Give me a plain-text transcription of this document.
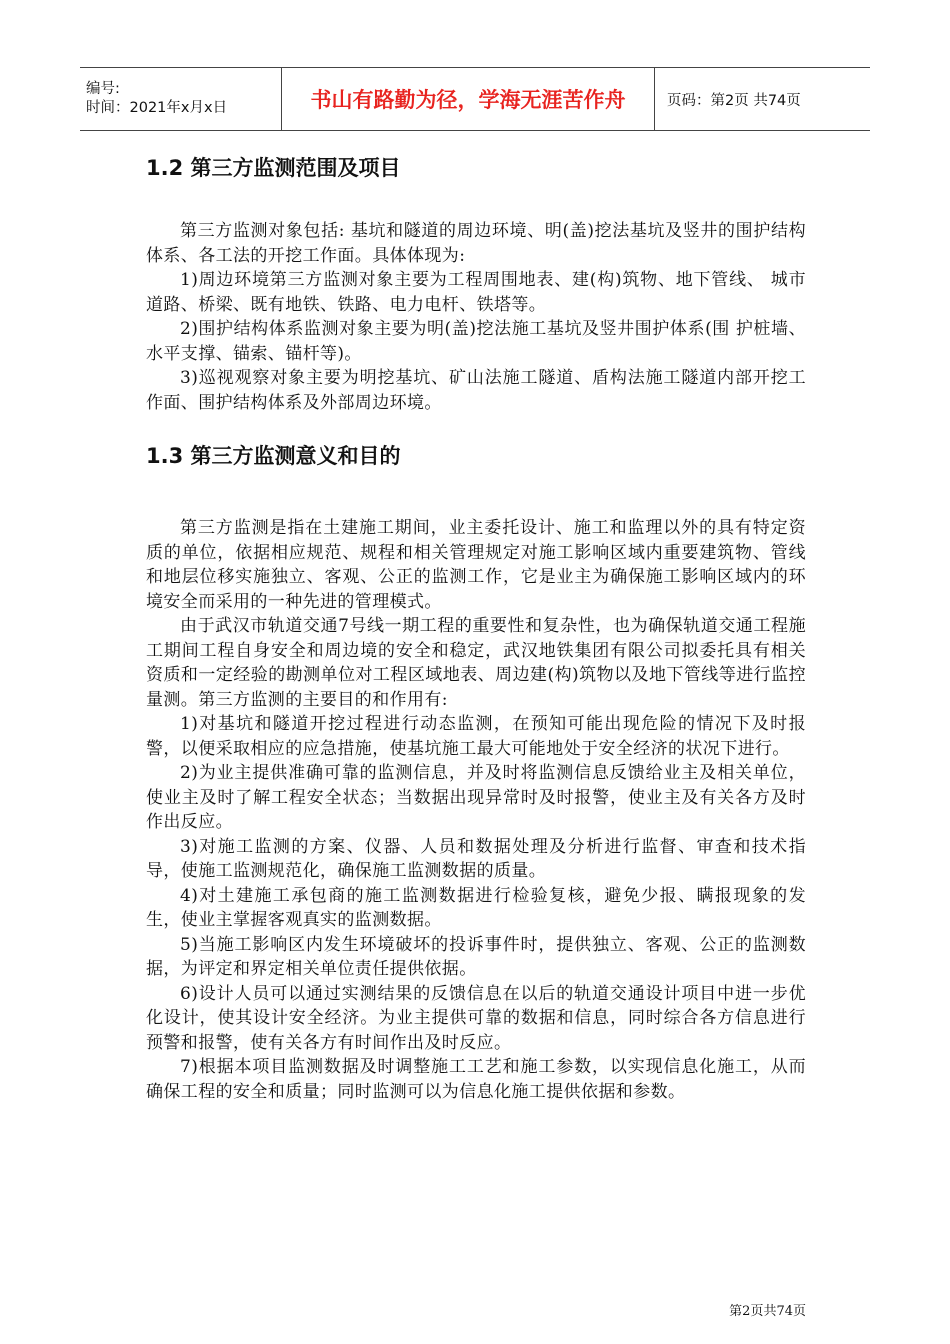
编号:
时间：2021年x月x日	书山有路勤为径，学海无涯苦作舟	页码：第2页 共74页
1.2 第三方监测范围及项目

第三方监测对象包括: 基坑和隧道的周边环境、明(盖)挖法基坑及竖井的围护结构体系、各工法的开挖工作面。具体体现为:

1)周边环境第三方监测对象主要为工程周围地表、建(构)筑物、地下管线、 城市道路、桥梁、既有地铁、铁路、电力电杆、铁塔等。

2)围护结构体系监测对象主要为明(盖)挖法施工基坑及竖井围护体系(围 护桩墙、水平支撑、锚索、锚杆等)。

3)巡视观察对象主要为明挖基坑、矿山法施工隧道、盾构法施工隧道内部开挖工作面、围护结构体系及外部周边环境。

1.3 第三方监测意义和目的

第三方监测是指在土建施工期间，业主委托设计、施工和监理以外的具有特定资质的单位，依据相应规范、规程和相关管理规定对施工影响区域内重要建筑物、管线和地层位移实施独立、客观、公正的监测工作，它是业主为确保施工影响区域内的环境安全而采用的一种先进的管理模式。

由于武汉市轨道交通7号线一期工程的重要性和复杂性，也为确保轨道交通工程施工期间工程自身安全和周边境的安全和稳定，武汉地铁集团有限公司拟委托具有相关资质和一定经验的勘测单位对工程区域地表、周边建(构)筑物以及地下管线等进行监控量测。第三方监测的主要目的和作用有:

1)对基坑和隧道开挖过程进行动态监测，在预知可能出现危险的情况下及时报警，以便采取相应的应急措施，使基坑施工最大可能地处于安全经济的状况下进行。

2)为业主提供准确可靠的监测信息，并及时将监测信息反馈给业主及相关单位，使业主及时了解工程安全状态；当数据出现异常时及时报警，使业主及有关各方及时作出反应。

3)对施工监测的方案、仪器、人员和数据处理及分析进行监督、审查和技术指导，使施工监测规范化，确保施工监测数据的质量。

4)对土建施工承包商的施工监测数据进行检验复核，避免少报、瞒报现象的发生，使业主掌握客观真实的监测数据。

5)当施工影响区内发生环境破坏的投诉事件时，提供独立、客观、公正的监测数据，为评定和界定相关单位责任提供依据。

6)设计人员可以通过实测结果的反馈信息在以后的轨道交通设计项目中进一步优化设计，使其设计安全经济。为业主提供可靠的数据和信息，同时综合各方信息进行预警和报警，使有关各方有时间作出及时反应。

7)根据本项目监测数据及时调整施工工艺和施工参数，以实现信息化施工，从而确保工程的安全和质量；同时监测可以为信息化施工提供依据和参数。

第2页共74页
